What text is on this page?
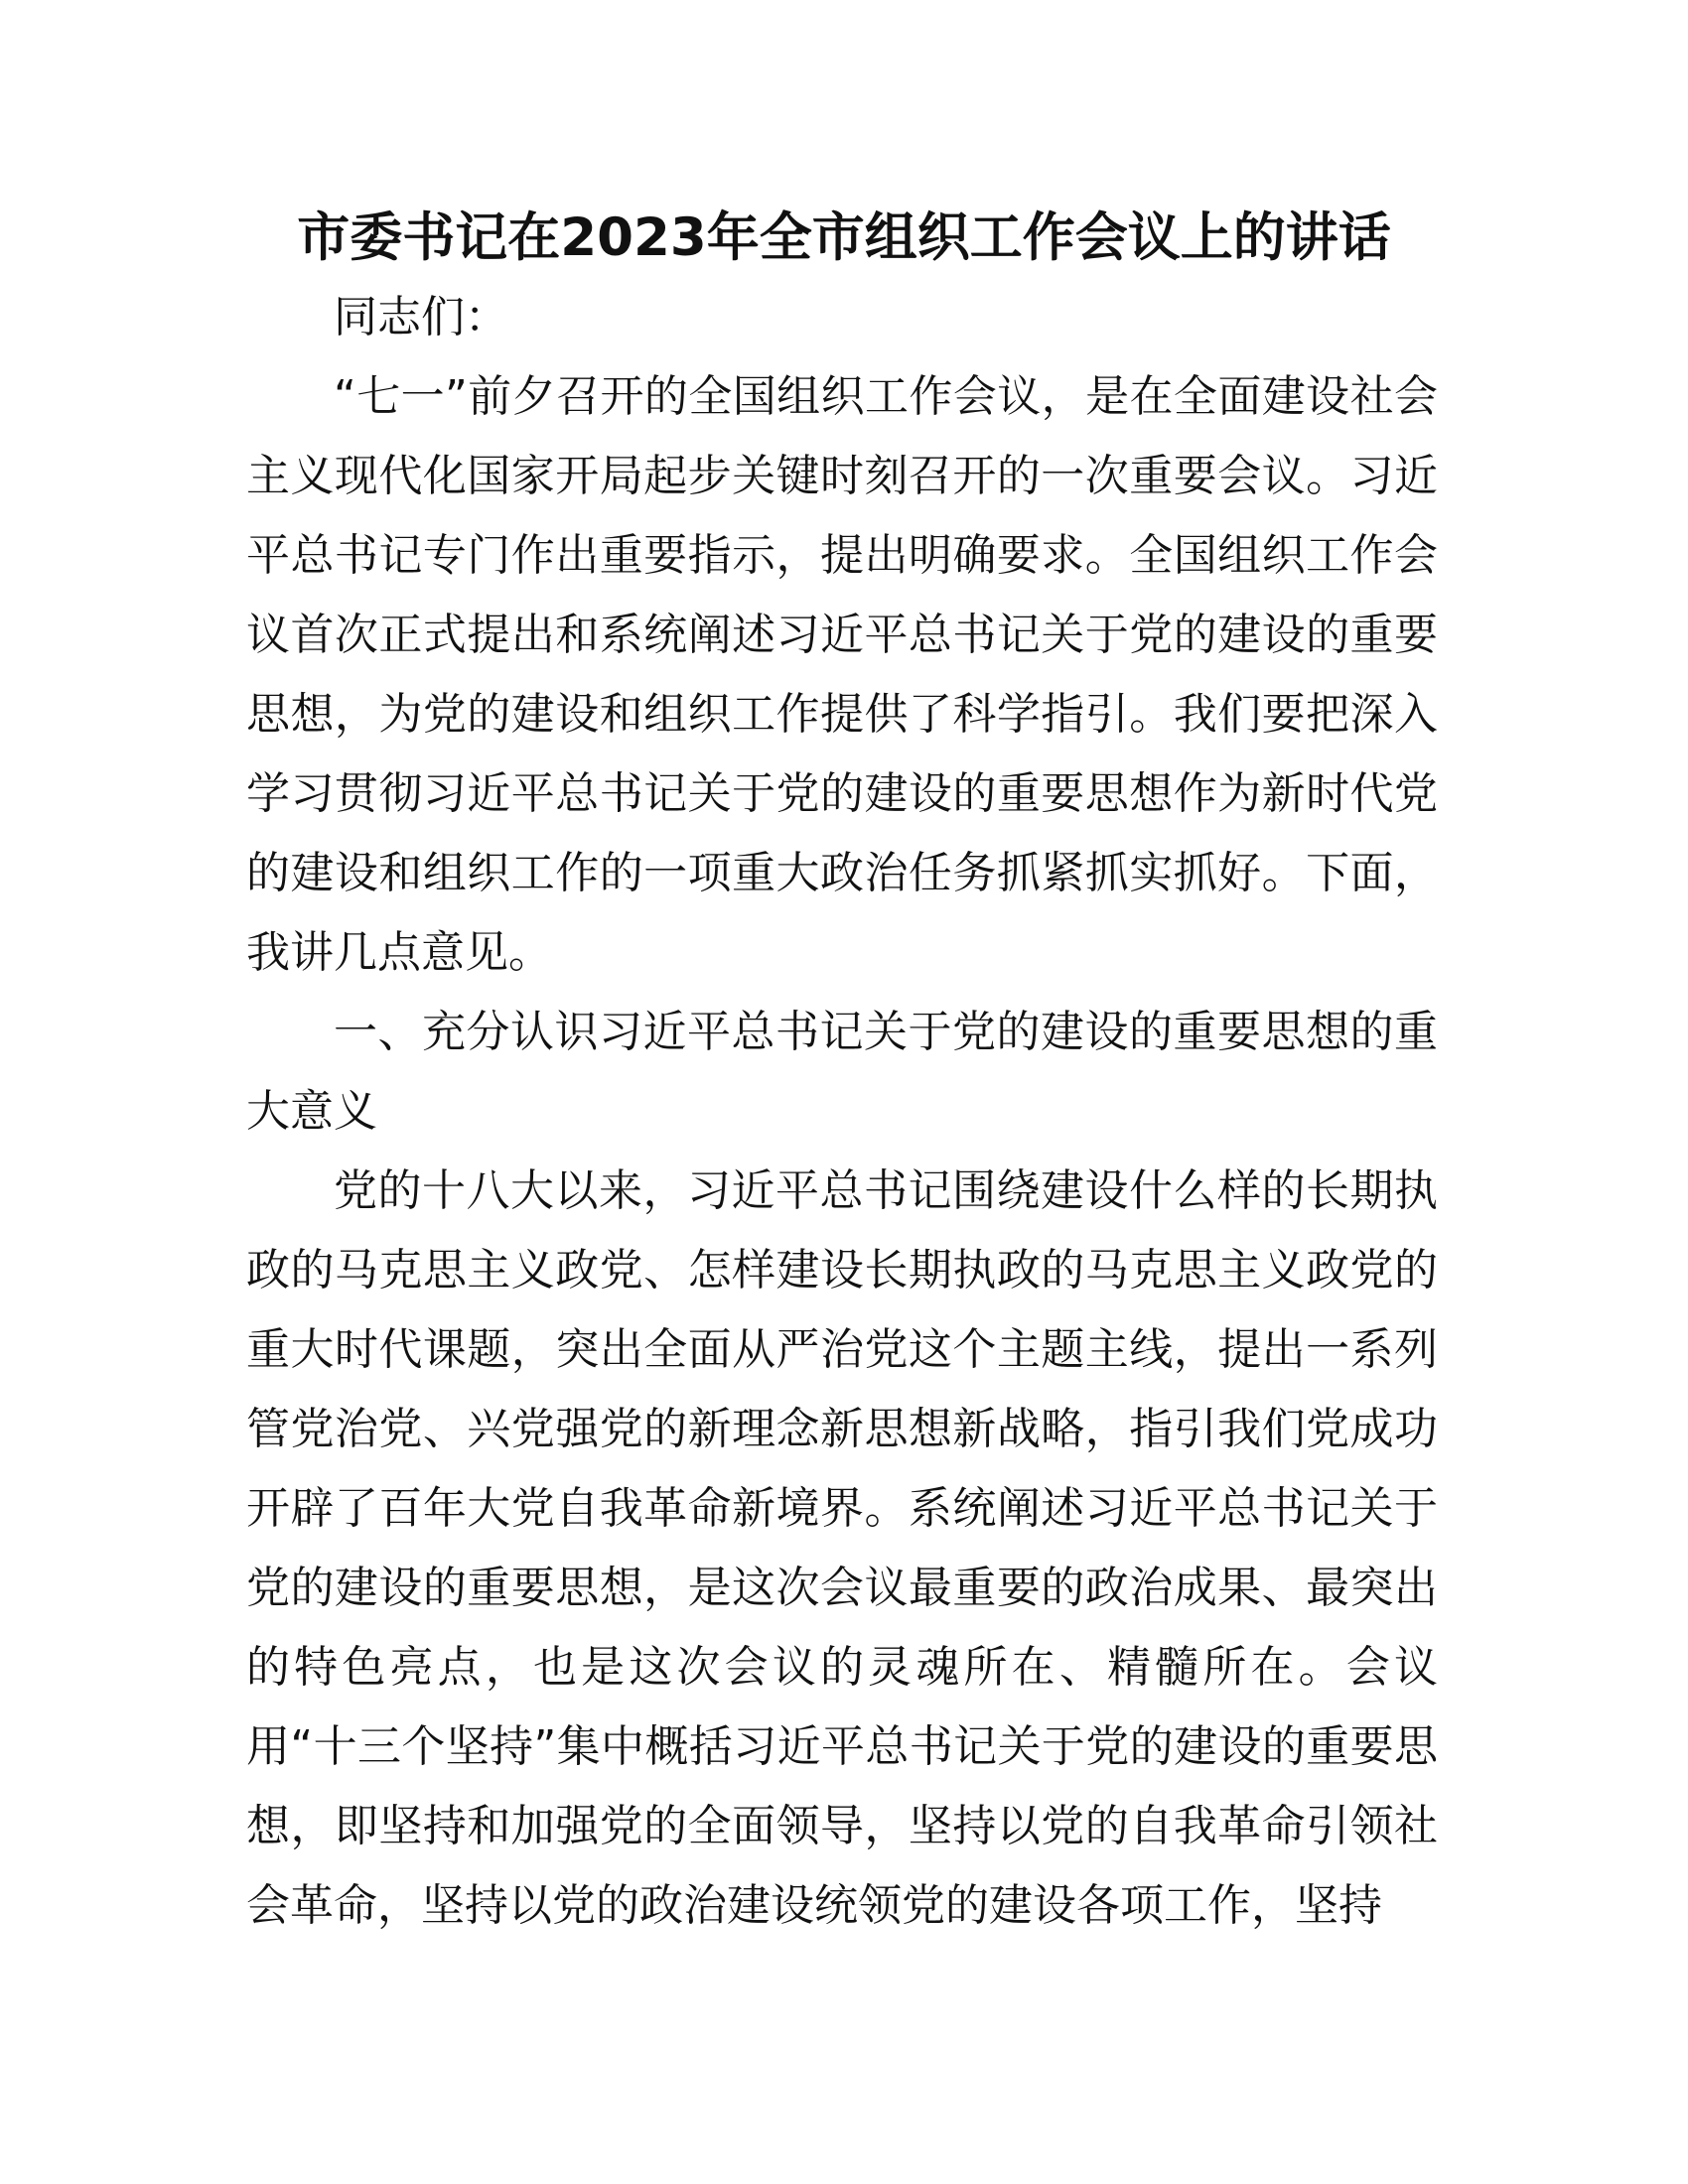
市委书记在2023年全市组织工作会议上的讲话

同志们：

“七一”前夕召开的全国组织工作会议，是在全面建设社会主义现代化国家开局起步关键时刻召开的一次重要会议。习近平总书记专门作出重要指示，提出明确要求。全国组织工作会议首次正式提出和系统阐述习近平总书记关于党的建设的重要思想，为党的建设和组织工作提供了科学指引。我们要把深入学习贯彻习近平总书记关于党的建设的重要思想作为新时代党的建设和组织工作的一项重大政治任务抓紧抓实抓好。下面，我讲几点意见。

一、充分认识习近平总书记关于党的建设的重要思想的重大意义

党的十八大以来，习近平总书记围绕建设什么样的长期执政的马克思主义政党、怎样建设长期执政的马克思主义政党的重大时代课题，突出全面从严治党这个主题主线，提出一系列管党治党、兴党强党的新理念新思想新战略，指引我们党成功开辟了百年大党自我革命新境界。系统阐述习近平总书记关于党的建设的重要思想，是这次会议最重要的政治成果、最突出的特色亮点，也是这次会议的灵魂所在、精髓所在。会议用“十三个坚持”集中概括习近平总书记关于党的建设的重要思想，即坚持和加强党的全面领导，坚持以党的自我革命引领社会革命，坚持以党的政治建设统领党的建设各项工作，坚持
